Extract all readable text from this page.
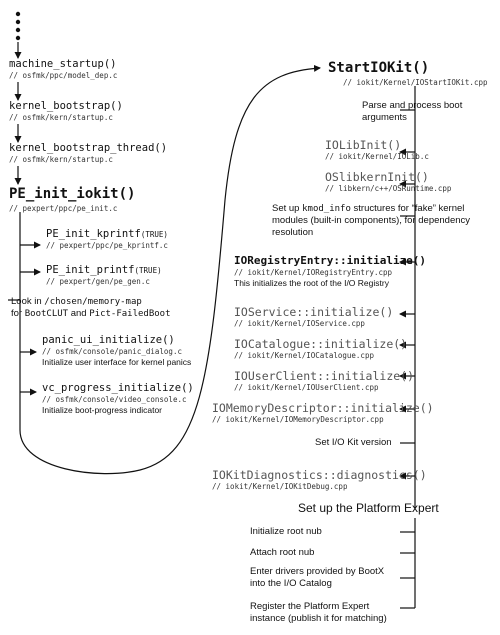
machine_startup()
// osfmk/ppc/model_dep.c
kernel_bootstrap()
// osfmk/kern/startup.c
kernel_bootstrap_thread()
// osfmk/kern/startup.c
PE_init_iokit()
// pexpert/ppc/pe_init.c
PE_init_kprintf(TRUE)
// pexpert/ppc/pe_kprintf.c
PE_init_printf(TRUE)
// pexpert/gen/pe_gen.c
Look in /chosen/memory-map
for BootCLUT and Pict-FailedBoot
panic_ui_initialize()
// osfmk/console/panic_dialog.c
Initialize user interface for kernel panics
vc_progress_initialize()
// osfmk/console/video_console.c
Initialize boot-progress indicator
StartIOKit()
// iokit/Kernel/IOStartIOKit.cpp
Parse and process boot arguments
IOLibInit()
// iokit/Kernel/IOLib.c
OSlibkernInit()
// libkern/c++/OSRuntime.cpp
Set up kmod_info structures for “fake” kernel modules (built-in components), for dependency resolution
IORegistryEntry::initialize()
// iokit/Kernel/IORegistryEntry.cpp
This initializes the root of the I/O Registry
IOService::initialize()
// iokit/Kernel/IOService.cpp
IOCatalogue::initialize()
// iokit/Kernel/IOCatalogue.cpp
IOUserClient::initialize()
// iokit/Kernel/IOUserClient.cpp
IOMemoryDescriptor::initialize()
// iokit/Kernel/IOMemoryDescriptor.cpp
Set I/O Kit version
IOKitDiagnostics::diagnostics()
// iokit/Kernel/IOKitDebug.cpp
Set up the Platform Expert
Initialize root nub
Attach root nub
Enter drivers provided by BootX into the I/O Catalog
Register the Platform Expert instance (publish it for matching)
